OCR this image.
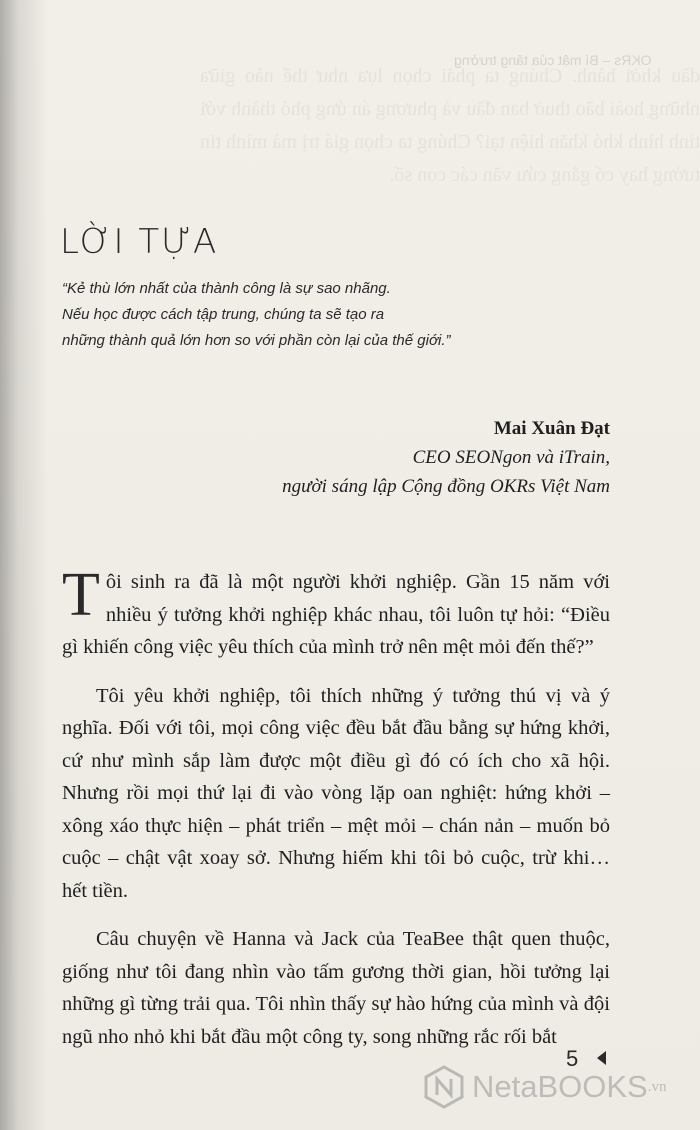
dầu khởi hành. Chúng ta phải chọn lựa như thế nào giữa những hoài bão thuở ban đầu và phương án ứng phó thành với tình hình khó khăn hiện tại? Chúng ta chọn giá trị mà mình tin tưởng hay cố gắng cứu vãn các con số.
OKRs – Bí mật của tăng trưởng
LỜI TỰA
“Kẻ thù lớn nhất của thành công là sự sao nhãng.
Nếu học được cách tập trung, chúng ta sẽ tạo ra
những thành quả lớn hơn so với phần còn lại của thế giới.”
Mai Xuân Đạt
CEO SEONgon và iTrain,
người sáng lập Cộng đồng OKRs Việt Nam

Tôi sinh ra đã là một người khởi nghiệp. Gần 15 năm với nhiều ý tưởng khởi nghiệp khác nhau, tôi luôn tự hỏi: “Điều gì khiến công việc yêu thích của mình trở nên mệt mỏi đến thế?”

Tôi yêu khởi nghiệp, tôi thích những ý tưởng thú vị và ý nghĩa. Đối với tôi, mọi công việc đều bắt đầu bằng sự hứng khởi, cứ như mình sắp làm được một điều gì đó có ích cho xã hội. Nhưng rồi mọi thứ lại đi vào vòng lặp oan nghiệt: hứng khởi – xông xáo thực hiện – phát triển – mệt mỏi – chán nản – muốn bỏ cuộc – chật vật xoay sở. Nhưng hiếm khi tôi bỏ cuộc, trừ khi… hết tiền.

Câu chuyện về Hanna và Jack của TeaBee thật quen thuộc, giống như tôi đang nhìn vào tấm gương thời gian, hồi tưởng lại những gì từng trải qua. Tôi nhìn thấy sự hào hứng của mình và đội ngũ nho nhỏ khi bắt đầu một công ty, song những rắc rối bắt

5
NetaBOOKS .vn
